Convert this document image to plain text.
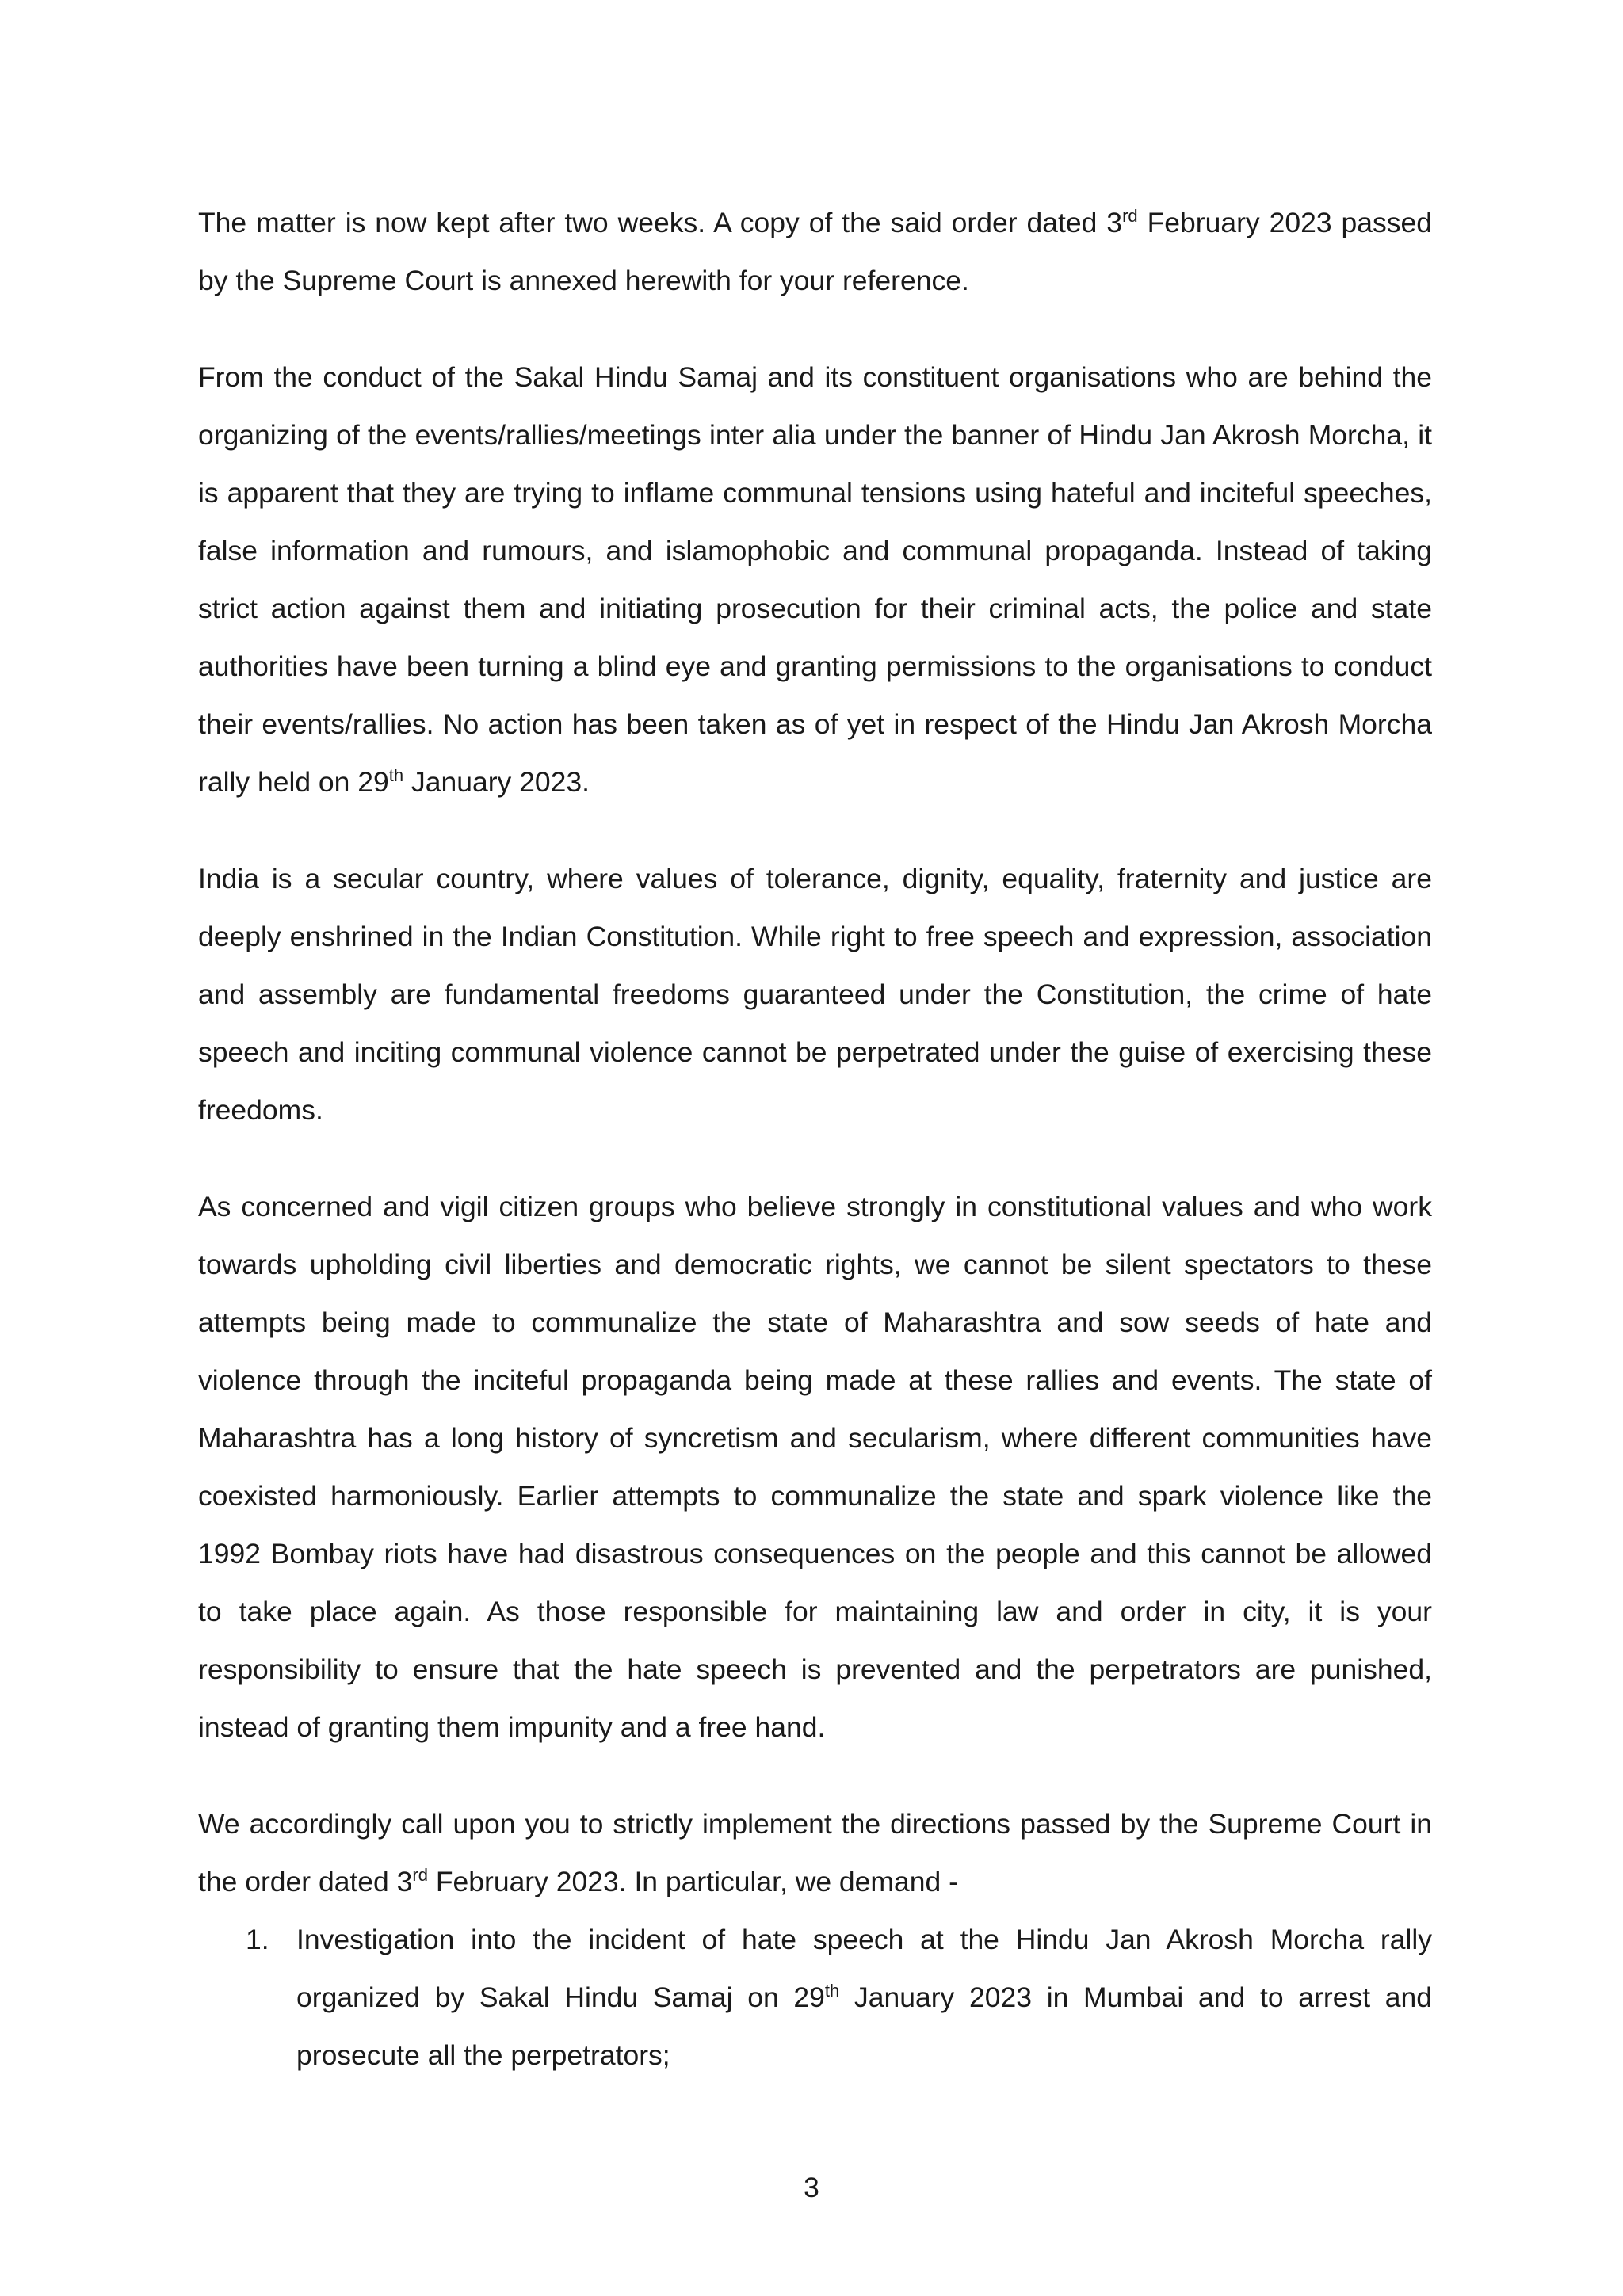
The matter is now kept after two weeks. A copy of the said order dated 3rd February 2023 passed by the Supreme Court is annexed herewith for your reference.

From the conduct of the Sakal Hindu Samaj and its constituent organisations who are behind the organizing of the events/rallies/meetings inter alia under the banner of Hindu Jan Akrosh Morcha, it is apparent that they are trying to inflame communal tensions using hateful and inciteful speeches, false information and rumours, and islamophobic and communal propaganda. Instead of taking strict action against them and initiating prosecution for their criminal acts, the police and state authorities have been turning a blind eye and granting permissions to the organisations to conduct their events/rallies. No action has been taken as of yet in respect of the Hindu Jan Akrosh Morcha rally held on 29th January 2023.

India is a secular country, where values of tolerance, dignity, equality, fraternity and justice are deeply enshrined in the Indian Constitution. While right to free speech and expression, association and assembly are fundamental freedoms guaranteed under the Constitution, the crime of hate speech and inciting communal violence cannot be perpetrated under the guise of exercising these freedoms.

As concerned and vigil citizen groups who believe strongly in constitutional values and who work towards upholding civil liberties and democratic rights, we cannot be silent spectators to these attempts being made to communalize the state of Maharashtra and sow seeds of hate and violence through the inciteful propaganda being made at these rallies and events. The state of Maharashtra has a long history of syncretism and secularism, where different communities have coexisted harmoniously. Earlier attempts to communalize the state and spark violence like the 1992 Bombay riots have had disastrous consequences on the people and this cannot be allowed to take place again. As those responsible for maintaining law and order in city, it is your responsibility to ensure that the hate speech is prevented and the perpetrators are punished, instead of granting them impunity and a free hand.

We accordingly call upon you to strictly implement the directions passed by the Supreme Court in the order dated 3rd February 2023. In particular, we demand -

1. Investigation into the incident of hate speech at the Hindu Jan Akrosh Morcha rally organized by Sakal Hindu Samaj on 29th January 2023 in Mumbai and to arrest and prosecute all the perpetrators;
3
